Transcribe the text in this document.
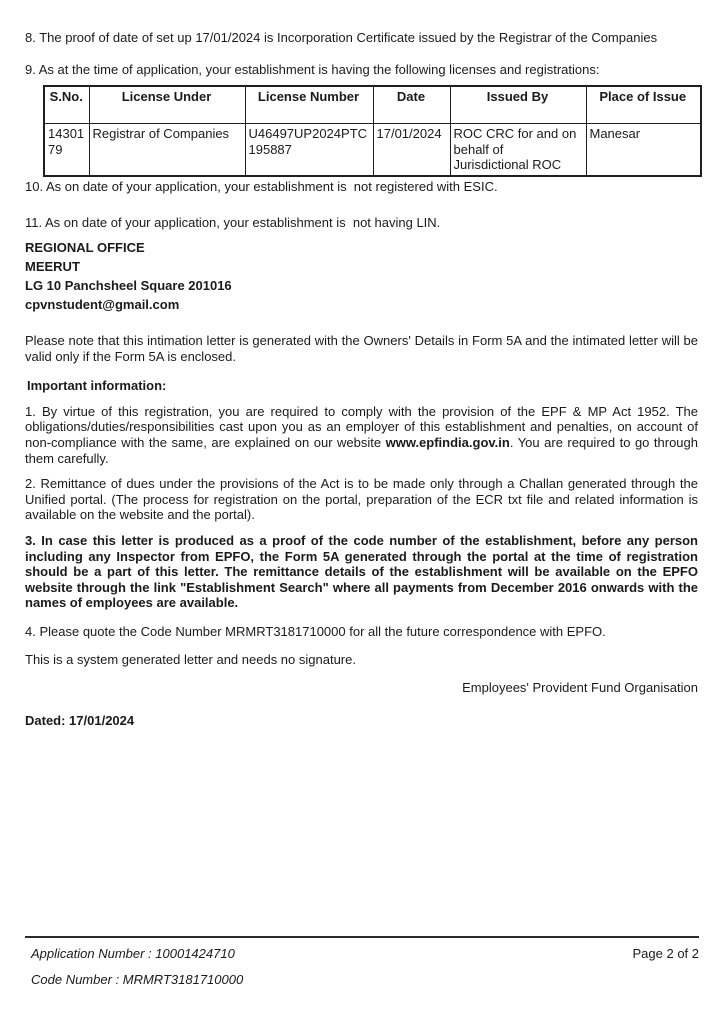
8. The proof of date of set up 17/01/2024 is Incorporation Certificate issued by the Registrar of the Companies

9. As at the time of application, your establishment is having the following licenses and registrations:

S.No.	License Under	License Number	Date	Issued By	Place of Issue
1430179	Registrar of Companies	U46497UP2024PTC195887	17/01/2024	ROC CRC for and on behalf of Jurisdictional ROC	Manesar

10. As on date of your application, your establishment is  not registered with ESIC.

11. As on date of your application, your establishment is  not having LIN.

REGIONAL OFFICE

MEERUT

LG 10 Panchsheel Square 201016

cpvnstudent@gmail.com

Please note that this intimation letter is generated with the Owners' Details in Form 5A and the intimated letter will be valid only if the Form 5A is enclosed.

Important information:

1. By virtue of this registration, you are required to comply with the provision of the EPF & MP Act 1952. The obligations/duties/responsibilities cast upon you as an employer of this establishment and penalties, on account of non-compliance with the same, are explained on our website www.epfindia.gov.in. You are required to go through them carefully.

2. Remittance of dues under the provisions of the Act is to be made only through a Challan generated through the Unified portal. (The process for registration on the portal, preparation of the ECR txt file and related information is available on the website and the portal).

3. In case this letter is produced as a proof of the code number of the establishment, before any person including any Inspector from EPFO, the Form 5A generated through the portal at the time of registration should be a part of this letter. The remittance details of the establishment will be available on the EPFO website through the link "Establishment Search" where all payments from December 2016 onwards with the names of employees are available.

4. Please quote the Code Number MRMRT3181710000 for all the future correspondence with EPFO.

This is a system generated letter and needs no signature.

Employees' Provident Fund Organisation

Dated: 17/01/2024

Application Number : 10001424710	Page 2 of 2
Code Number : MRMRT3181710000
